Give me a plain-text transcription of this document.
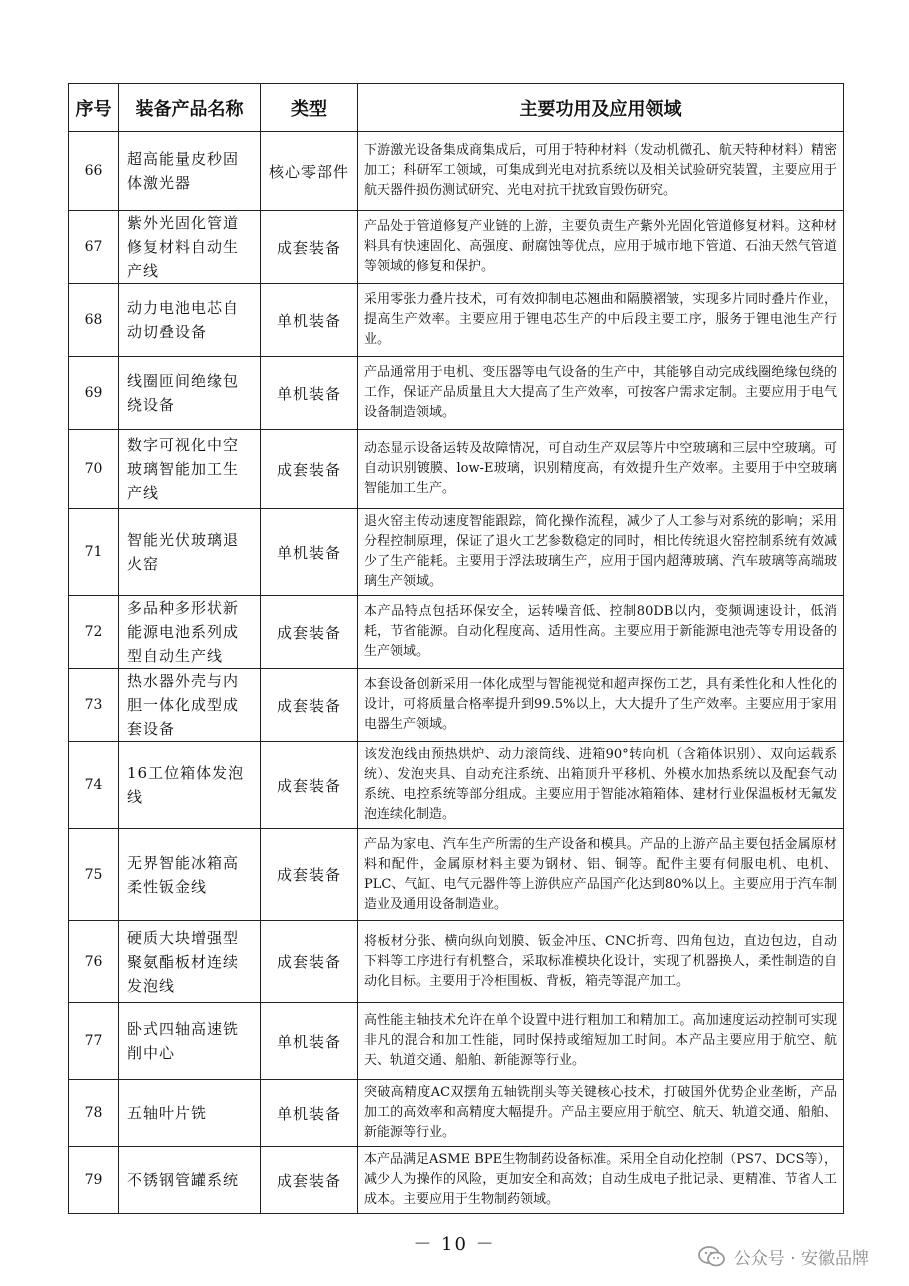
序号	装备产品名称	类型	主要功用及应用领域
66	超高能量皮秒固体激光器	核心零部件	下游激光设备集成商集成后，可用于特种材料（发动机微孔、航天特种材料）精密加工；科研军工领域，可集成到光电对抗系统以及相关试验研究装置，主要应用于航天器件损伤测试研究、光电对抗干扰致盲毁伤研究。
67	紫外光固化管道修复材料自动生产线	成套装备	产品处于管道修复产业链的上游，主要负责生产紫外光固化管道修复材料。这种材料具有快速固化、高强度、耐腐蚀等优点，应用于城市地下管道、石油天然气管道等领域的修复和保护。
68	动力电池电芯自动切叠设备	单机装备	采用零张力叠片技术，可有效抑制电芯翘曲和隔膜褶皱，实现多片同时叠片作业，提高生产效率。主要应用于锂电芯生产的中后段主要工序，服务于锂电池生产行业。
69	线圈匝间绝缘包绕设备	单机装备	产品通常用于电机、变压器等电气设备的生产中，其能够自动完成线圈绝缘包绕的工作，保证产品质量且大大提高了生产效率，可按客户需求定制。主要应用于电气设备制造领域。
70	数字可视化中空玻璃智能加工生产线	成套装备	动态显示设备运转及故障情况，可自动生产双层等片中空玻璃和三层中空玻璃。可自动识别镀膜、low-E玻璃，识别精度高，有效提升生产效率。主要用于中空玻璃智能加工生产。
71	智能光伏玻璃退火窑	单机装备	退火窑主传动速度智能跟踪，简化操作流程，减少了人工参与对系统的影响；采用分程控制原理，保证了退火工艺参数稳定的同时，相比传统退火窑控制系统有效减少了生产能耗。主要用于浮法玻璃生产，应用于国内超薄玻璃、汽车玻璃等高端玻璃生产领域。
72	多品种多形状新能源电池系列成型自动生产线	成套装备	本产品特点包括环保安全，运转噪音低、控制80DB以内，变频调速设计，低消耗，节省能源。自动化程度高、适用性高。主要应用于新能源电池壳等专用设备的生产领域。
73	热水器外壳与内胆一体化成型成套设备	成套装备	本套设备创新采用一体化成型与智能视觉和超声探伤工艺，具有柔性化和人性化的设计，可将质量合格率提升到99.5%以上，大大提升了生产效率。主要应用于家用电器生产领域。
74	16工位箱体发泡线	成套装备	该发泡线由预热烘炉、动力滚筒线、进箱90°转向机（含箱体识别）、双向运载系统）、发泡夹具、自动充注系统、出箱顶升平移机、外模水加热系统以及配套气动系统、电控系统等部分组成。主要应用于智能冰箱箱体、建材行业保温板材无氟发泡连续化制造。
75	无界智能冰箱高柔性钣金线	成套装备	产品为家电、汽车生产所需的生产设备和模具。产品的上游产品主要包括金属原材料和配件，金属原材料主要为钢材、铝、铜等。配件主要有伺服电机、电机、PLC、气缸、电气元器件等上游供应产品国产化达到80%以上。主要应用于汽车制造业及通用设备制造业。
76	硬质大块增强型聚氨酯板材连续发泡线	成套装备	将板材分张、横向纵向划膜、钣金冲压、CNC折弯、四角包边，直边包边，自动下料等工序进行有机整合，采取标准模块化设计，实现了机器换人，柔性制造的自动化目标。主要用于冷柜围板、背板，箱壳等混产加工。
77	卧式四轴高速铣削中心	单机装备	高性能主轴技术允许在单个设置中进行粗加工和精加工。高加速度运动控制可实现非凡的混合和加工性能，同时保持或缩短加工时间。本产品主要应用于航空、航天、轨道交通、船舶、新能源等行业。
78	五轴叶片铣	单机装备	突破高精度AC双摆角五轴铣削头等关键核心技术，打破国外优势企业垄断，产品加工的高效率和高精度大幅提升。产品主要应用于航空、航天、轨道交通、船舶、新能源等行业。
79	不锈钢管罐系统	成套装备	本产品满足ASME BPE生物制药设备标准。采用全自动化控制（PS7、DCS等），减少人为操作的风险，更加安全和高效；自动生成电子批记录、更精准、节省人工成本。主要应用于生物制药领域。
－ 10 －
公众号 · 安徽品牌
